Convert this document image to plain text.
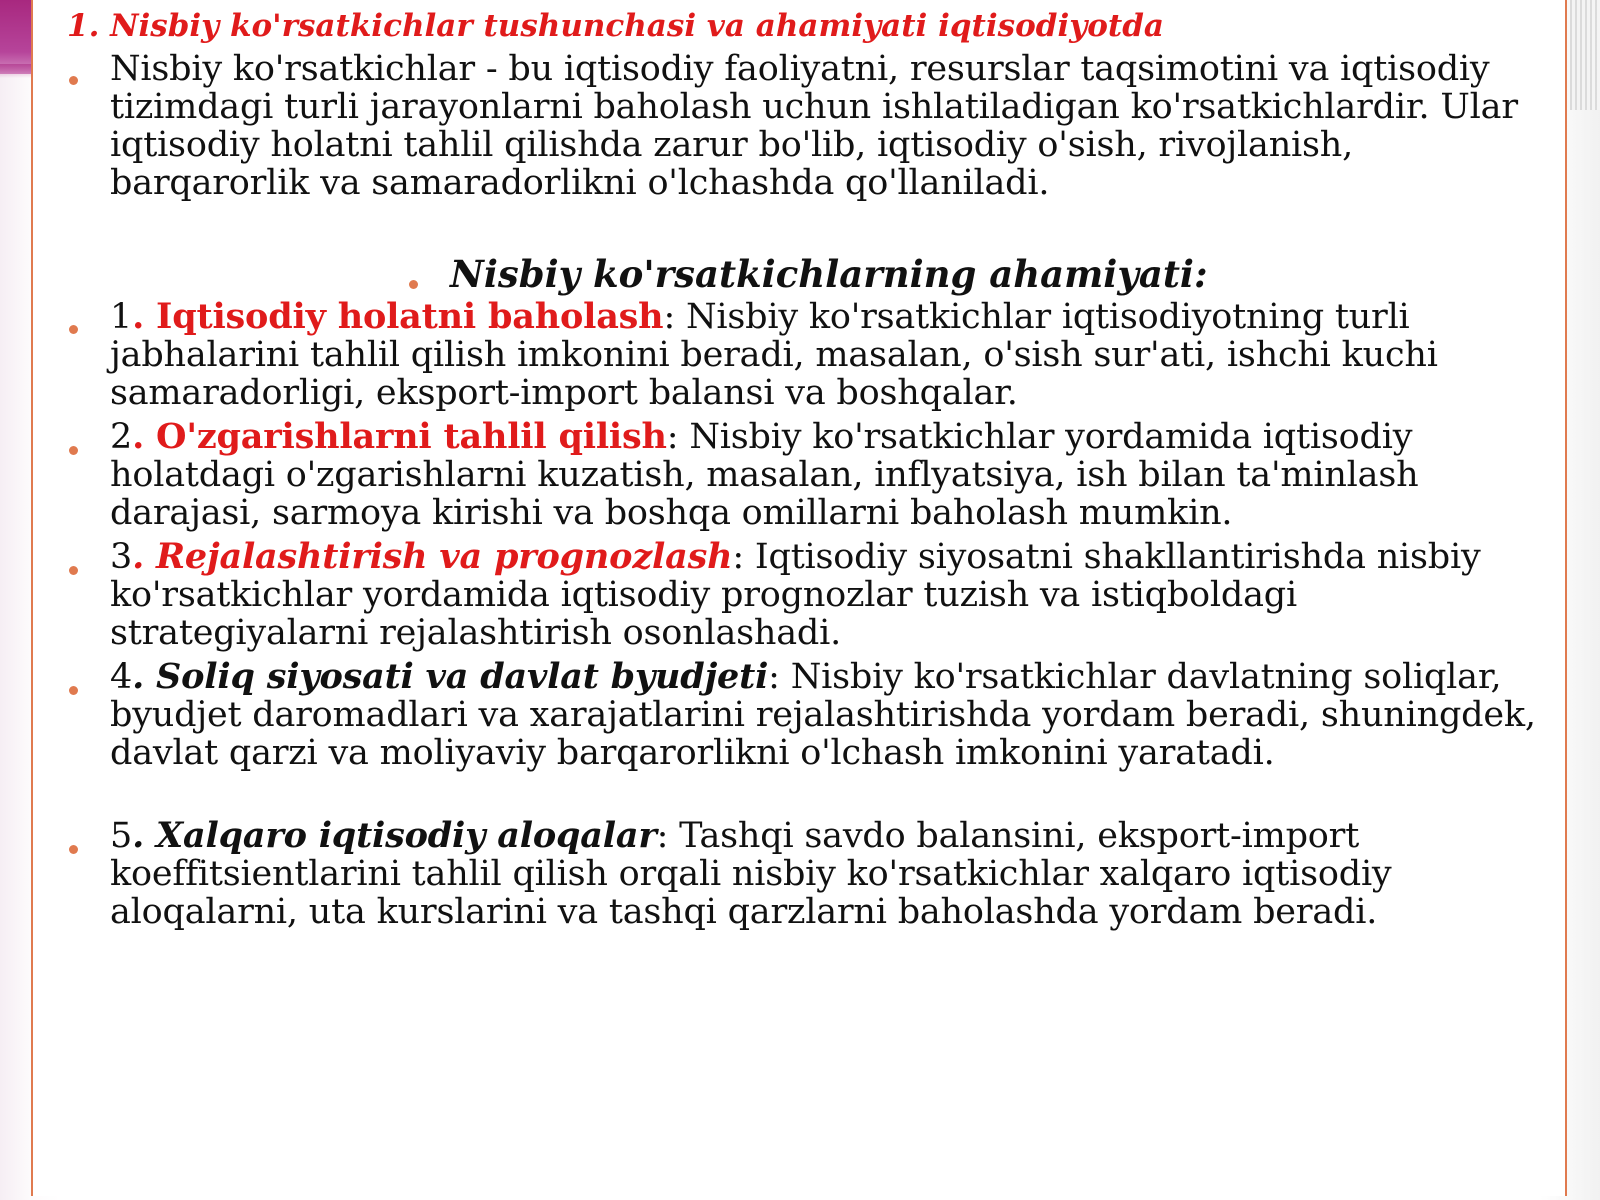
1. Nisbiy ko'rsatkichlar tushunchasi va ahamiyati iqtisodiyotda
Nisbiy ko'rsatkichlar - bu iqtisodiy faoliyatni, resurslar taqsimotini va iqtisodiy tizimdagi turli jarayonlarni baholash uchun ishlatiladigan ko'rsatkichlardir. Ular iqtisodiy holatni tahlil qilishda zarur bo'lib, iqtisodiy o'sish, rivojlanish, barqarorlik va samaradorlikni o'lchashda qo'llaniladi.
Nisbiy ko'rsatkichlarning ahamiyati:
1. Iqtisodiy holatni baholash: Nisbiy ko'rsatkichlar iqtisodiyotning turli jabhalarini tahlil qilish imkonini beradi, masalan, o'sish sur'ati, ishchi kuchi samaradorligi, eksport-import balansi va boshqalar.
2. O'zgarishlarni tahlil qilish: Nisbiy ko'rsatkichlar yordamida iqtisodiy holatdagi o'zgarishlarni kuzatish, masalan, inflyatsiya, ish bilan ta'minlash darajasi, sarmoya kirishi va boshqa omillarni baholash mumkin.
3. Rejalashtirish va prognozlash: Iqtisodiy siyosatni shakllantirishda nisbiy ko'rsatkichlar yordamida iqtisodiy prognozlar tuzish va istiqboldagi strategiyalarni rejalashtirish osonlashadi.
4. Soliq siyosati va davlat byudjeti: Nisbiy ko'rsatkichlar davlatning soliqlar, byudjet daromadlari va xarajatlarini rejalashtirishda yordam beradi, shuningdek, davlat qarzi va moliyaviy barqarorlikni o'lchash imkonini yaratadi.
5. Xalqaro iqtisodiy aloqalar: Tashqi savdo balansini, eksport-import koeffitsientlarini tahlil qilish orqali nisbiy ko'rsatkichlar xalqaro iqtisodiy aloqalarni, uta kurslarini va tashqi qarzlarni baholashda yordam beradi.
